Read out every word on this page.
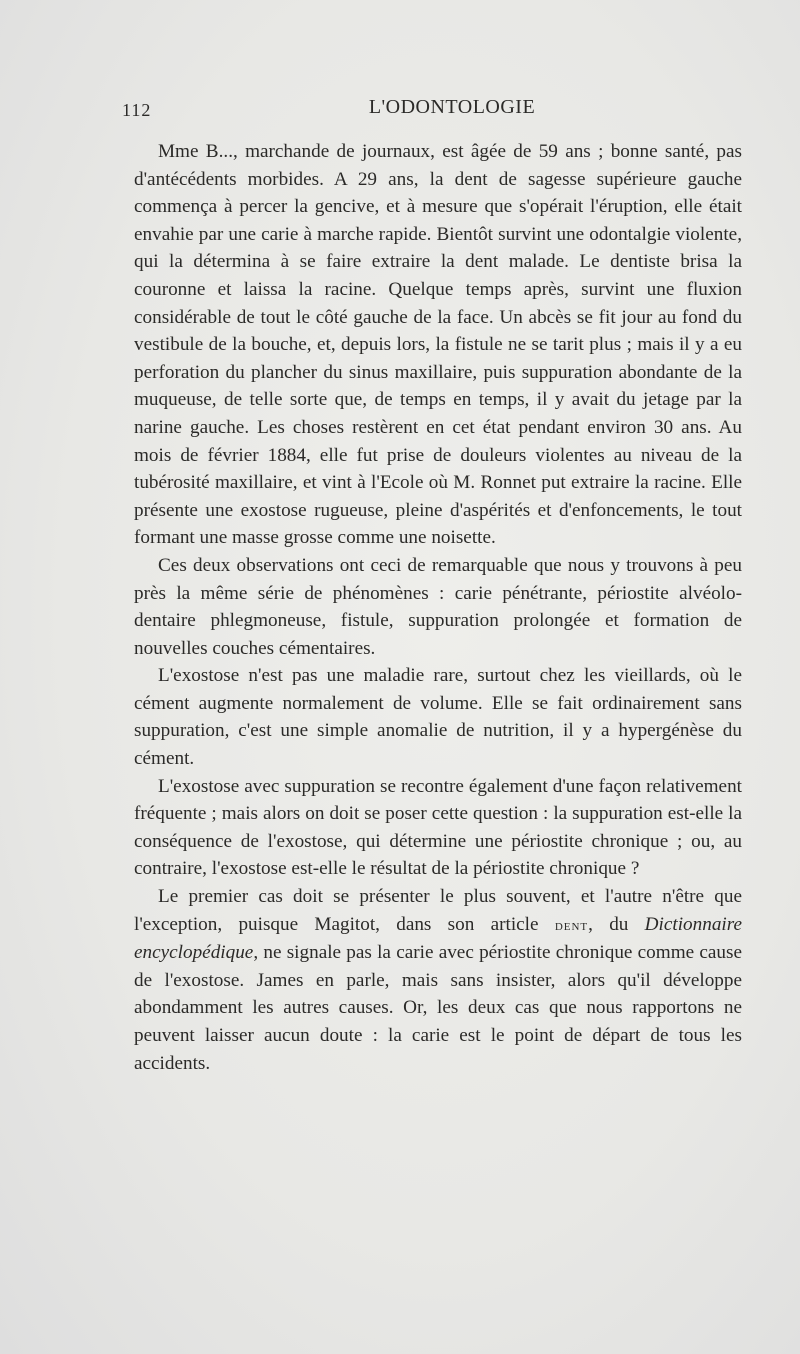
112	L'ODONTOLOGIE

Mme B..., marchande de journaux, est âgée de 59 ans ; bonne santé, pas d'antécédents morbides. A 29 ans, la dent de sagesse supérieure gauche commença à percer la gencive, et à mesure que s'opérait l'éruption, elle était envahie par une carie à marche rapide. Bientôt survint une odontalgie violente, qui la détermina à se faire extraire la dent malade. Le dentiste brisa la couronne et laissa la racine. Quelque temps après, survint une fluxion considérable de tout le côté gauche de la face. Un abcès se fit jour au fond du vestibule de la bouche, et, depuis lors, la fistule ne se tarit plus ; mais il y a eu perforation du plancher du sinus maxillaire, puis suppuration abondante de la muqueuse, de telle sorte que, de temps en temps, il y avait du jetage par la narine gauche. Les choses restèrent en cet état pendant environ 30 ans. Au mois de février 1884, elle fut prise de douleurs violentes au niveau de la tubérosité maxillaire, et vint à l'Ecole où M. Ronnet put extraire la racine. Elle présente une exostose rugueuse, pleine d'aspérités et d'enfoncements, le tout formant une masse grosse comme une noisette.

Ces deux observations ont ceci de remarquable que nous y trouvons à peu près la même série de phénomènes : carie pénétrante, périostite alvéolo-dentaire phlegmoneuse, fistule, suppuration prolongée et formation de nouvelles couches cémentaires.

L'exostose n'est pas une maladie rare, surtout chez les vieillards, où le cément augmente normalement de volume. Elle se fait ordinairement sans suppuration, c'est une simple anomalie de nutrition, il y a hypergénèse du cément.

L'exostose avec suppuration se recontre également d'une façon relativement fréquente ; mais alors on doit se poser cette question : la suppuration est-elle la conséquence de l'exostose, qui détermine une périostite chronique ; ou, au contraire, l'exostose est-elle le résultat de la périostite chronique ?

Le premier cas doit se présenter le plus souvent, et l'autre n'être que l'exception, puisque Magitot, dans son article dent, du Dictionnaire encyclopédique, ne signale pas la carie avec périostite chronique comme cause de l'exostose. James en parle, mais sans insister, alors qu'il développe abondamment les autres causes. Or, les deux cas que nous rapportons ne peuvent laisser aucun doute : la carie est le point de départ de tous les accidents.
